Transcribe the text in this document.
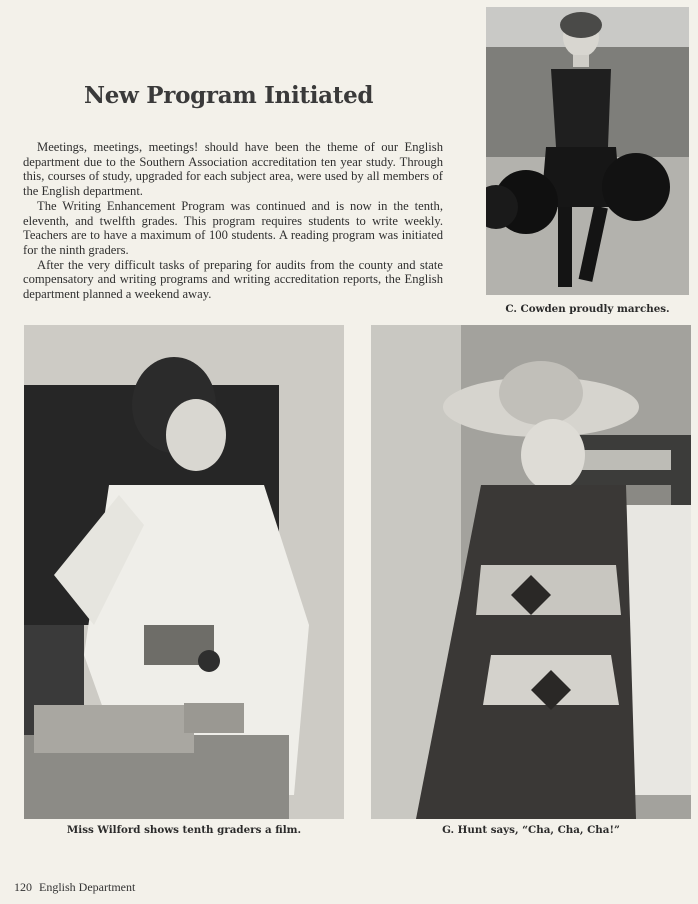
New Program Initiated

Meetings, meetings, meetings! should have been the theme of our English department due to the Southern Association accreditation ten year study. Through this, courses of study, upgraded for each subject area, were used by all members of the English department.

The Writing Enhancement Program was continued and is now in the tenth, eleventh, and twelfth grades. This program requires students to write weekly. Teachers are to have a maximum of 100 students. A reading program was initiated for the ninth graders.

After the very difficult tasks of preparing for audits from the county and state compensatory and writing programs and writing accreditation reports, the English department planned a weekend away.

C. Cowden proudly marches.

Miss Wilford shows tenth graders a film.	G. Hunt says, “Cha, Cha, Cha!”

120 English Department
